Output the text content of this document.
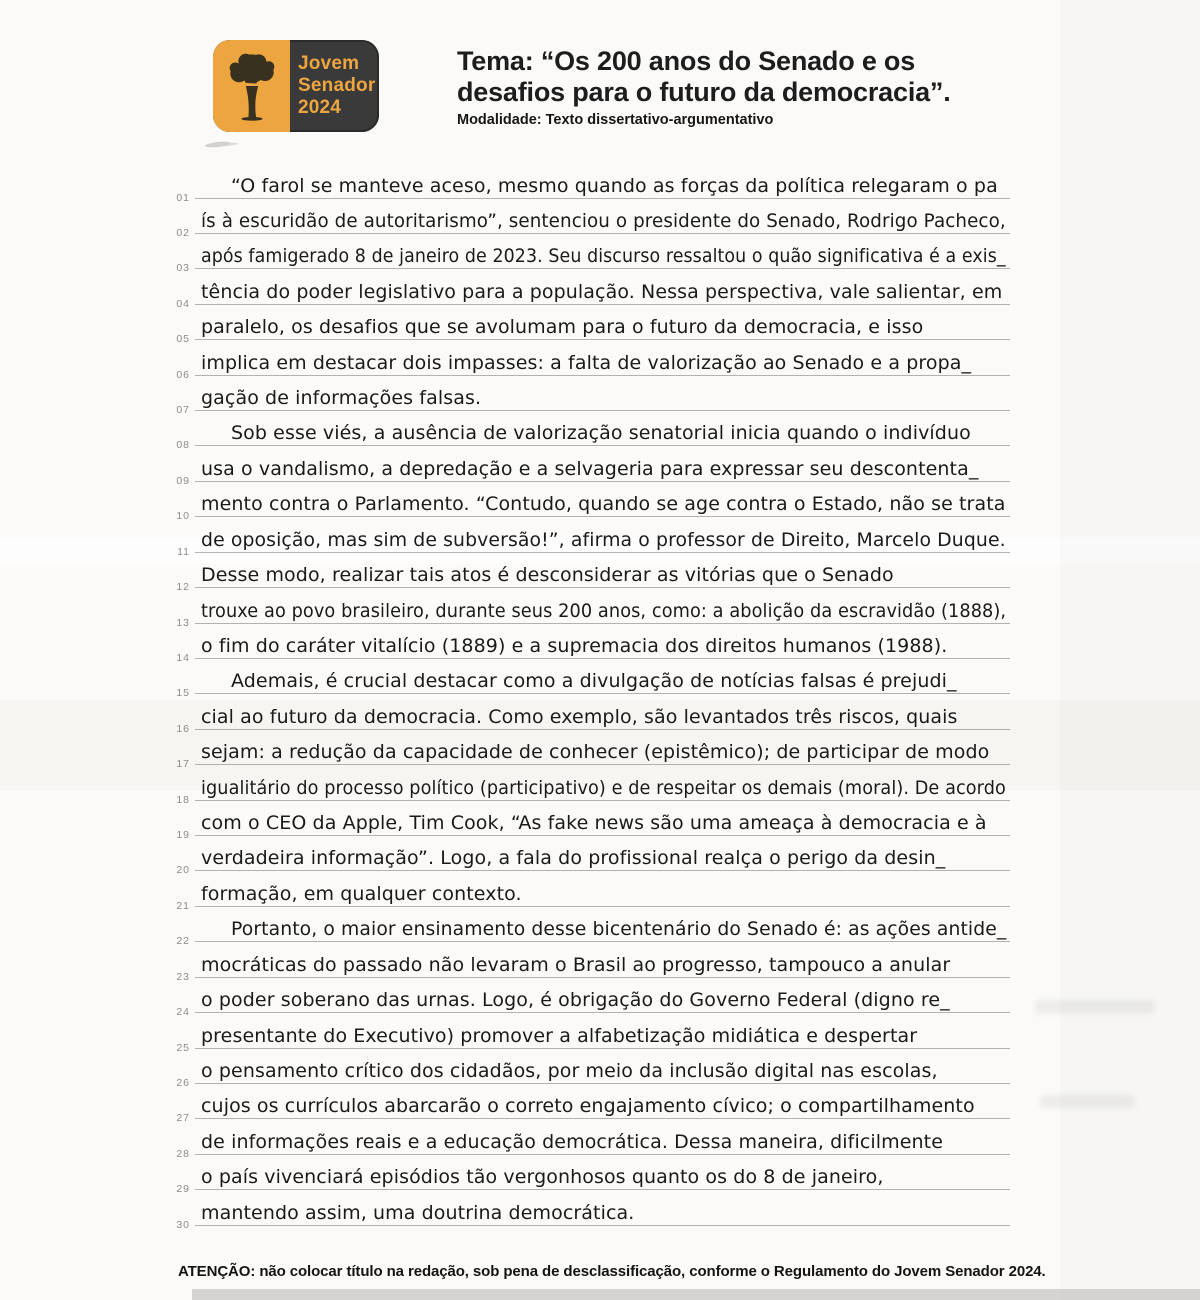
Jovem
Senador
2024
Tema: “Os 200 anos do Senado e os
desafios para o futuro da democracia”.
Modalidade: Texto dissertativo-argumentativo
01
“O farol se manteve aceso, mesmo quando as forças da política relegaram o pa
02
ís à escuridão de autoritarismo”, sentenciou o presidente do Senado, Rodrigo Pacheco,
03
após famigerado 8 de janeiro de 2023. Seu discurso ressaltou o quão significativa é a exis_
04
tência do poder legislativo para a população. Nessa perspectiva, vale salientar, em
05
paralelo, os desafios que se avolumam para o futuro da democracia, e isso
06
implica em destacar dois impasses: a falta de valorização ao Senado e a propa_
07
gação de informações falsas.
08
Sob esse viés, a ausência de valorização senatorial inicia quando o indivíduo
09
usa o vandalismo, a depredação e a selvageria para expressar seu descontenta_
10
mento contra o Parlamento. “Contudo, quando se age contra o Estado, não se trata
11
de oposição, mas sim de subversão!”, afirma o professor de Direito, Marcelo Duque.
12
Desse modo, realizar tais atos é desconsiderar as vitórias que o Senado
13
trouxe ao povo brasileiro, durante seus 200 anos, como: a abolição da escravidão (1888),
14
o fim do caráter vitalício (1889) e a supremacia dos direitos humanos (1988).
15
Ademais, é crucial destacar como a divulgação de notícias falsas é prejudi_
16
cial ao futuro da democracia. Como exemplo, são levantados três riscos, quais
17
sejam: a redução da capacidade de conhecer (epistêmico); de participar de modo
18
igualitário do processo político (participativo) e de respeitar os demais (moral). De acordo
19
com o CEO da Apple, Tim Cook, “As fake news são uma ameaça à democracia e à
20
verdadeira informação”. Logo, a fala do profissional realça o perigo da desin_
21
formação, em qualquer contexto.
22
Portanto, o maior ensinamento desse bicentenário do Senado é: as ações antide_
23
mocráticas do passado não levaram o Brasil ao progresso, tampouco a anular
24
o poder soberano das urnas. Logo, é obrigação do Governo Federal (digno re_
25
presentante do Executivo) promover a alfabetização midiática e despertar
26
o pensamento crítico dos cidadãos, por meio da inclusão digital nas escolas,
27
cujos os currículos abarcarão o correto engajamento cívico; o compartilhamento
28
de informações reais e a educação democrática. Dessa maneira, dificilmente
29
o país vivenciará episódios tão vergonhosos quanto os do 8 de janeiro,
30
mantendo assim, uma doutrina democrática.
ATENÇÃO: não colocar título na redação, sob pena de desclassificação, conforme o Regulamento do Jovem Senador 2024.
